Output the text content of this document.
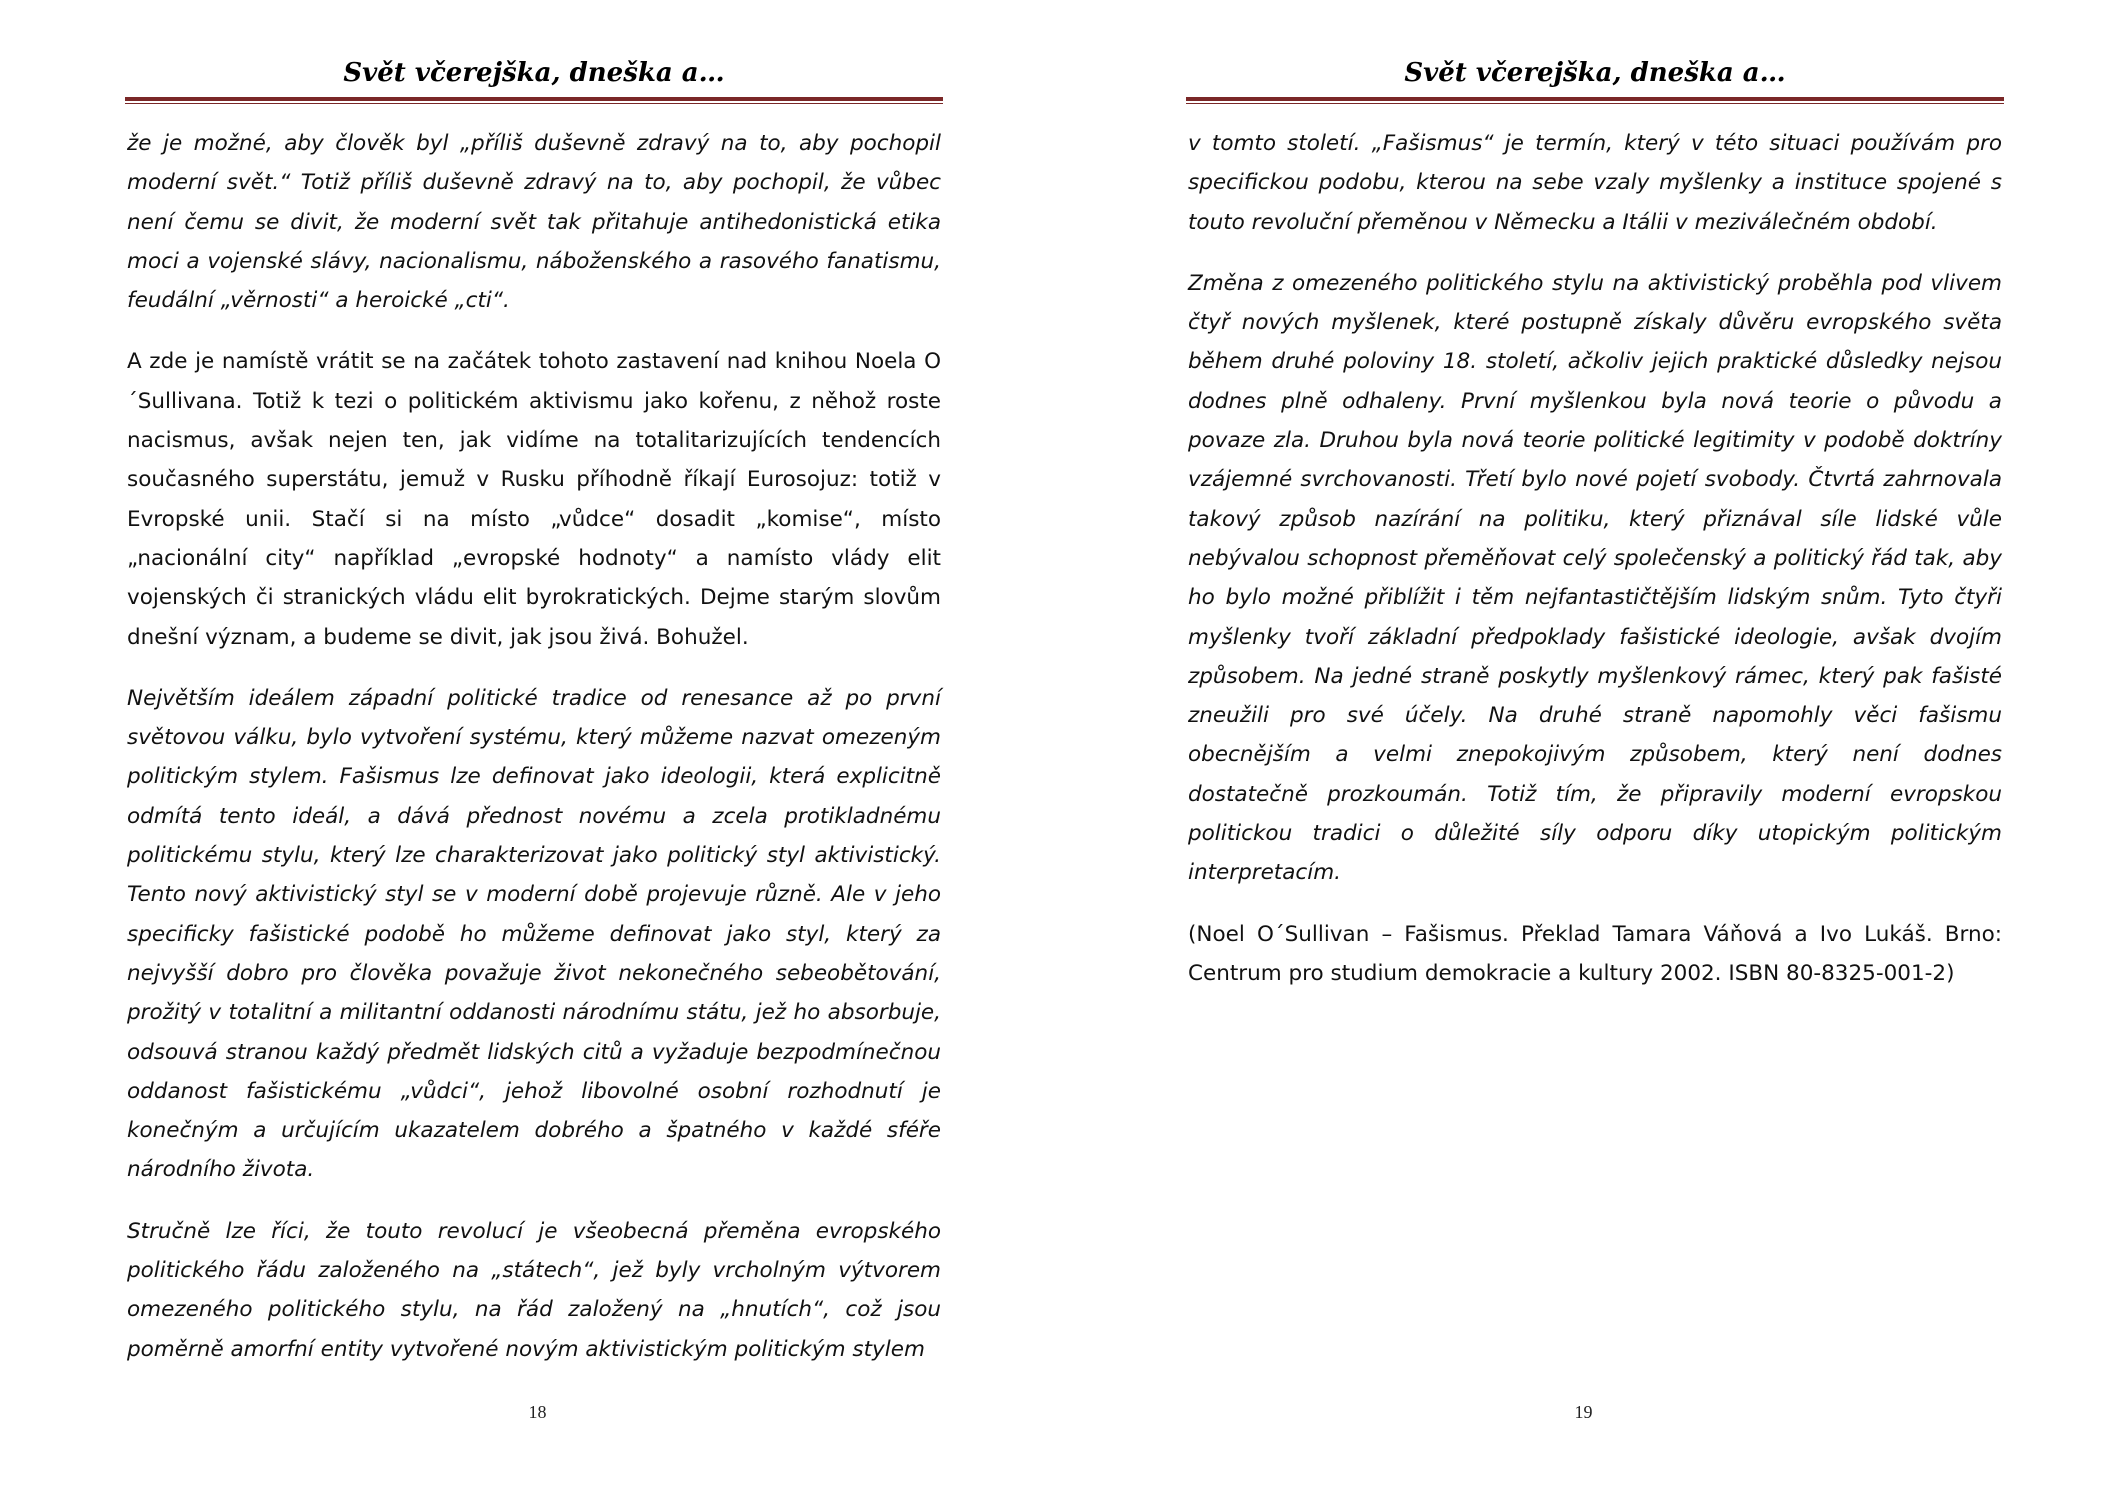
Svět včerejška, dneška a…

že je možné, aby člověk byl „příliš duševně zdravý na to, aby pochopil moderní svět.“ Totiž příliš duševně zdravý na to, aby pochopil, že vůbec není čemu se divit, že moderní svět tak přitahuje antihedonistická etika moci a vojenské slávy, nacionalismu, náboženského a rasového fanatismu, feudální „věrnosti“ a heroické „cti“.

A zde je namístě vrátit se na začátek tohoto zastavení nad knihou Noela O´Sullivana. Totiž k tezi o politickém aktivismu jako kořenu, z něhož roste nacismus, avšak nejen ten, jak vidíme na totalitarizujících tendencích současného superstátu, jemuž v Rusku příhodně říkají Eurosojuz: totiž v Evropské unii. Stačí si na místo „vůdce“ dosadit „komise“, místo „nacionální city“ například „evropské hodnoty“ a namísto vlády elit vojenských či stranických vládu elit byrokratických. Dejme starým slovům dnešní význam, a budeme se divit, jak jsou živá. Bohužel.

Největším ideálem západní politické tradice od renesance až po první světovou válku, bylo vytvoření systému, který můžeme nazvat omezeným politickým stylem. Fašismus lze definovat jako ideologii, která explicitně odmítá tento ideál, a dává přednost novému a zcela protikladnému politickému stylu, který lze charakterizovat jako politický styl aktivistický. Tento nový aktivistický styl se v moderní době projevuje různě. Ale v jeho specificky fašistické podobě ho můžeme definovat jako styl, který za nejvyšší dobro pro člověka považuje život nekonečného sebeobětování, prožitý v totalitní a militantní oddanosti národnímu státu, jež ho absorbuje, odsouvá stranou každý předmět lidských citů a vyžaduje bezpodmínečnou oddanost fašistickému „vůdci“, jehož libovolné osobní rozhodnutí je konečným a určujícím ukazatelem dobrého a špatného v každé sféře národního života.

Stručně lze říci, že touto revolucí je všeobecná přeměna evropského politického řádu založeného na „státech“, jež byly vrcholným výtvorem omezeného politického stylu, na řád založený na „hnutích“, což jsou poměrně amorfní entity vytvořené novým aktivistickým politickým stylem

18
Svět včerejška, dneška a…

v tomto století. „Fašismus“ je termín, který v této situaci používám pro specifickou podobu, kterou na sebe vzaly myšlenky a instituce spojené s touto revoluční přeměnou v Německu a Itálii v meziválečném období.

Změna z omezeného politického stylu na aktivistický proběhla pod vlivem čtyř nových myšlenek, které postupně získaly důvěru evropského světa během druhé poloviny 18. století, ačkoliv jejich praktické důsledky nejsou dodnes plně odhaleny. První myšlenkou byla nová teorie o původu a povaze zla. Druhou byla nová teorie politické legitimity v podobě doktríny vzájemné svrchovanosti. Třetí bylo nové pojetí svobody. Čtvrtá zahrnovala takový způsob nazírání na politiku, který přiznával síle lidské vůle nebývalou schopnost přeměňovat celý společenský a politický řád tak, aby ho bylo možné přiblížit i těm nejfantastičtějším lidským snům. Tyto čtyři myšlenky tvoří základní předpoklady fašistické ideologie, avšak dvojím způsobem. Na jedné straně poskytly myšlenkový rámec, který pak fašisté zneužili pro své účely. Na druhé straně napomohly věci fašismu obecnějším a velmi znepokojivým způsobem, který není dodnes dostatečně prozkoumán. Totiž tím, že připravily moderní evropskou politickou tradici o důležité síly odporu díky utopickým politickým interpretacím.

(Noel O´Sullivan – Fašismus. Překlad Tamara Váňová a Ivo Lukáš. Brno: Centrum pro studium demokracie a kultury 2002. ISBN 80-8325-001-2)

19
